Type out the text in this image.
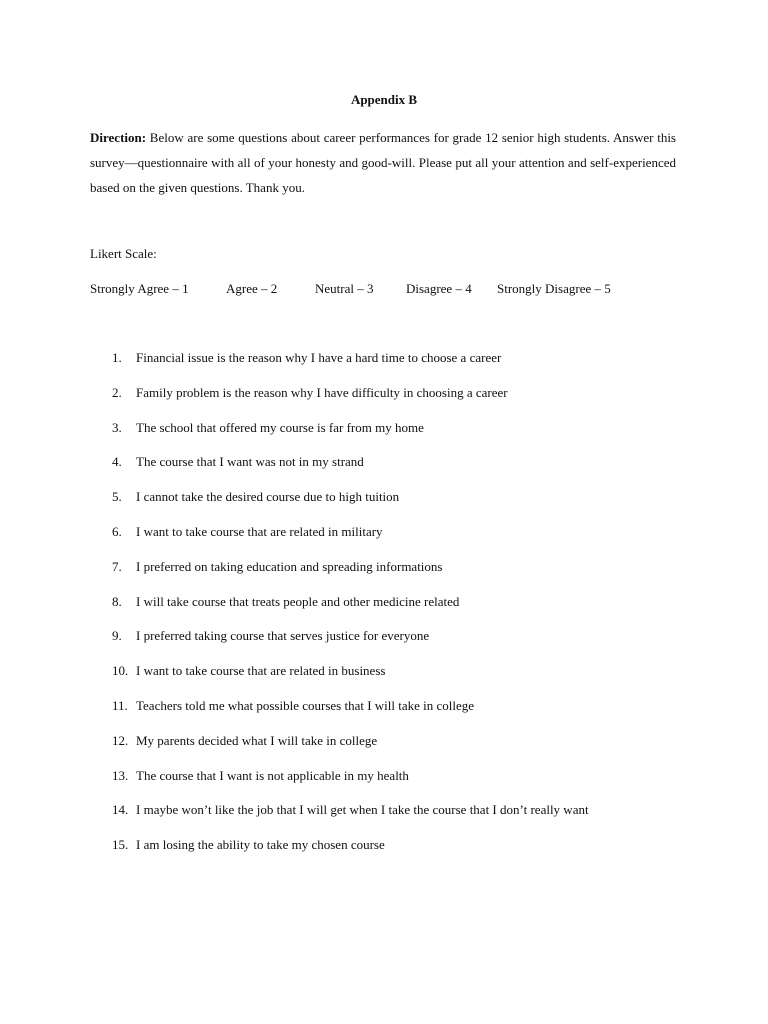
Appendix B
Direction: Below are some questions about career performances for grade 12 senior high students. Answer this survey—questionnaire with all of your honesty and good-will. Please put all your attention and self-experienced based on the given questions. Thank you.
Likert Scale:
Strongly Agree – 1	Agree – 2	Neutral – 3	Disagree – 4 Strongly Disagree – 5
1. Financial issue is the reason why I have a hard time to choose a career
2. Family problem is the reason why I have difficulty in choosing a career
3. The school that offered my course is far from my home
4. The course that I want was not in my strand
5. I cannot take the desired course due to high tuition
6. I want to take course that are related in military
7. I preferred on taking education and spreading informations
8. I will take course that treats people and other medicine related
9. I preferred taking course that serves justice for everyone
10. I want to take course that are related in business
11. Teachers told me what possible courses that I will take in college
12. My parents decided what I will take in college
13. The course that I want is not applicable in my health
14. I maybe won’t like the job that I will get when I take the course that I don’t really want
15. I am losing the ability to take my chosen course
